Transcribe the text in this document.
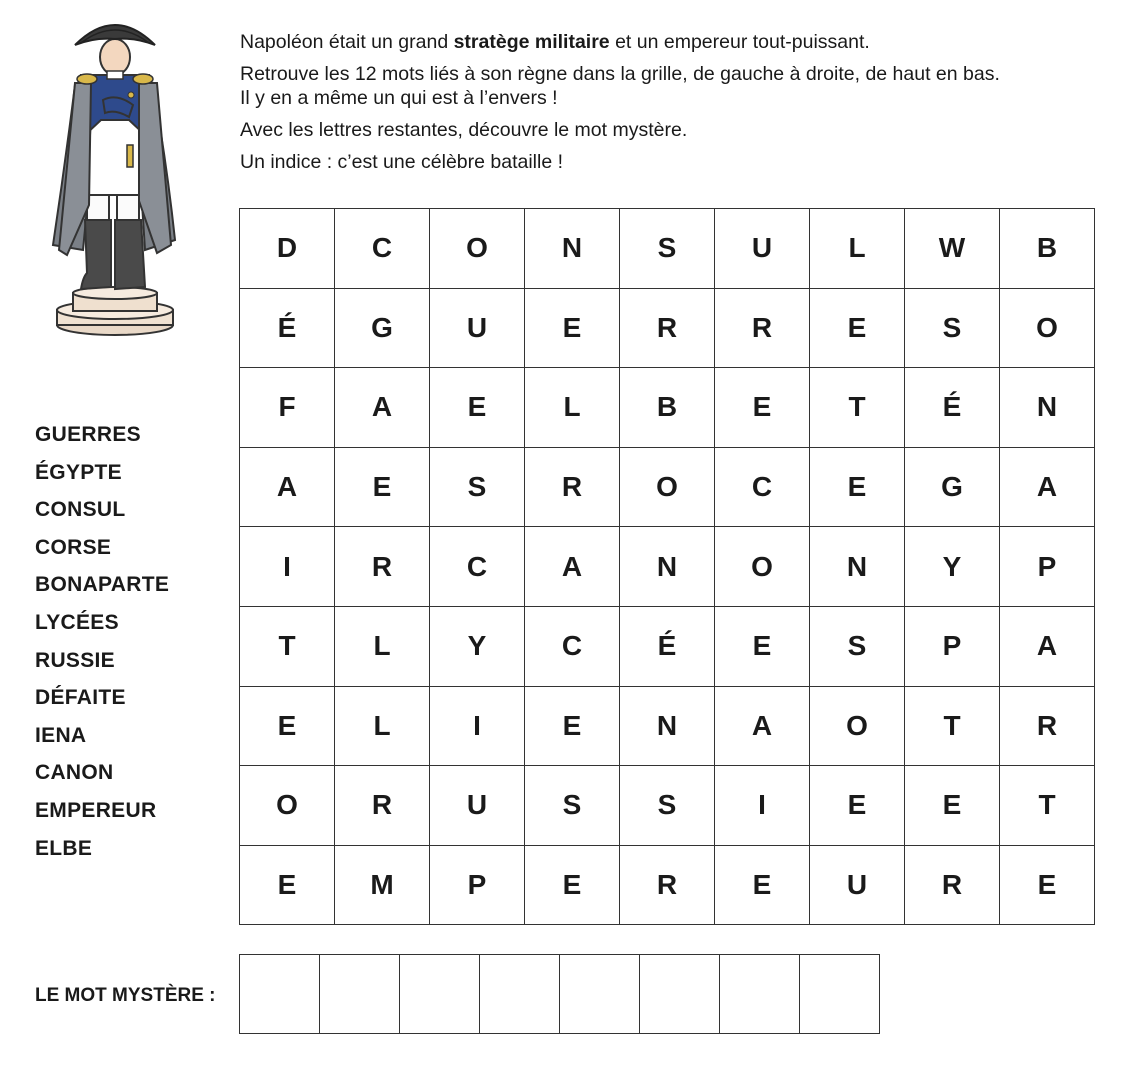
Napoléon était un grand stratège militaire et un empereur tout-puissant.

Retrouve les 12 mots liés à son règne dans la grille, de gauche à droite, de haut en bas.
Il y en a même un qui est à l’envers !

Avec les lettres restantes, découvre le mot mystère.

Un indice : c’est une célèbre bataille !

GUERRES
ÉGYPTE
CONSUL
CORSE
BONAPARTE
LYCÉES
RUSSIE
DÉFAITE
IENA
CANON
EMPEREUR
ELBE
D	C	O	N	S	U	L	W	B
É	G	U	E	R	R	E	S	O
F	A	E	L	B	E	T	É	N
A	E	S	R	O	C	E	G	A
I	R	C	A	N	O	N	Y	P
T	L	Y	C	É	E	S	P	A
E	L	I	E	N	A	O	T	R
O	R	U	S	S	I	E	E	T
E	M	P	E	R	E	U	R	E
LE MOT MYSTÈRE :
